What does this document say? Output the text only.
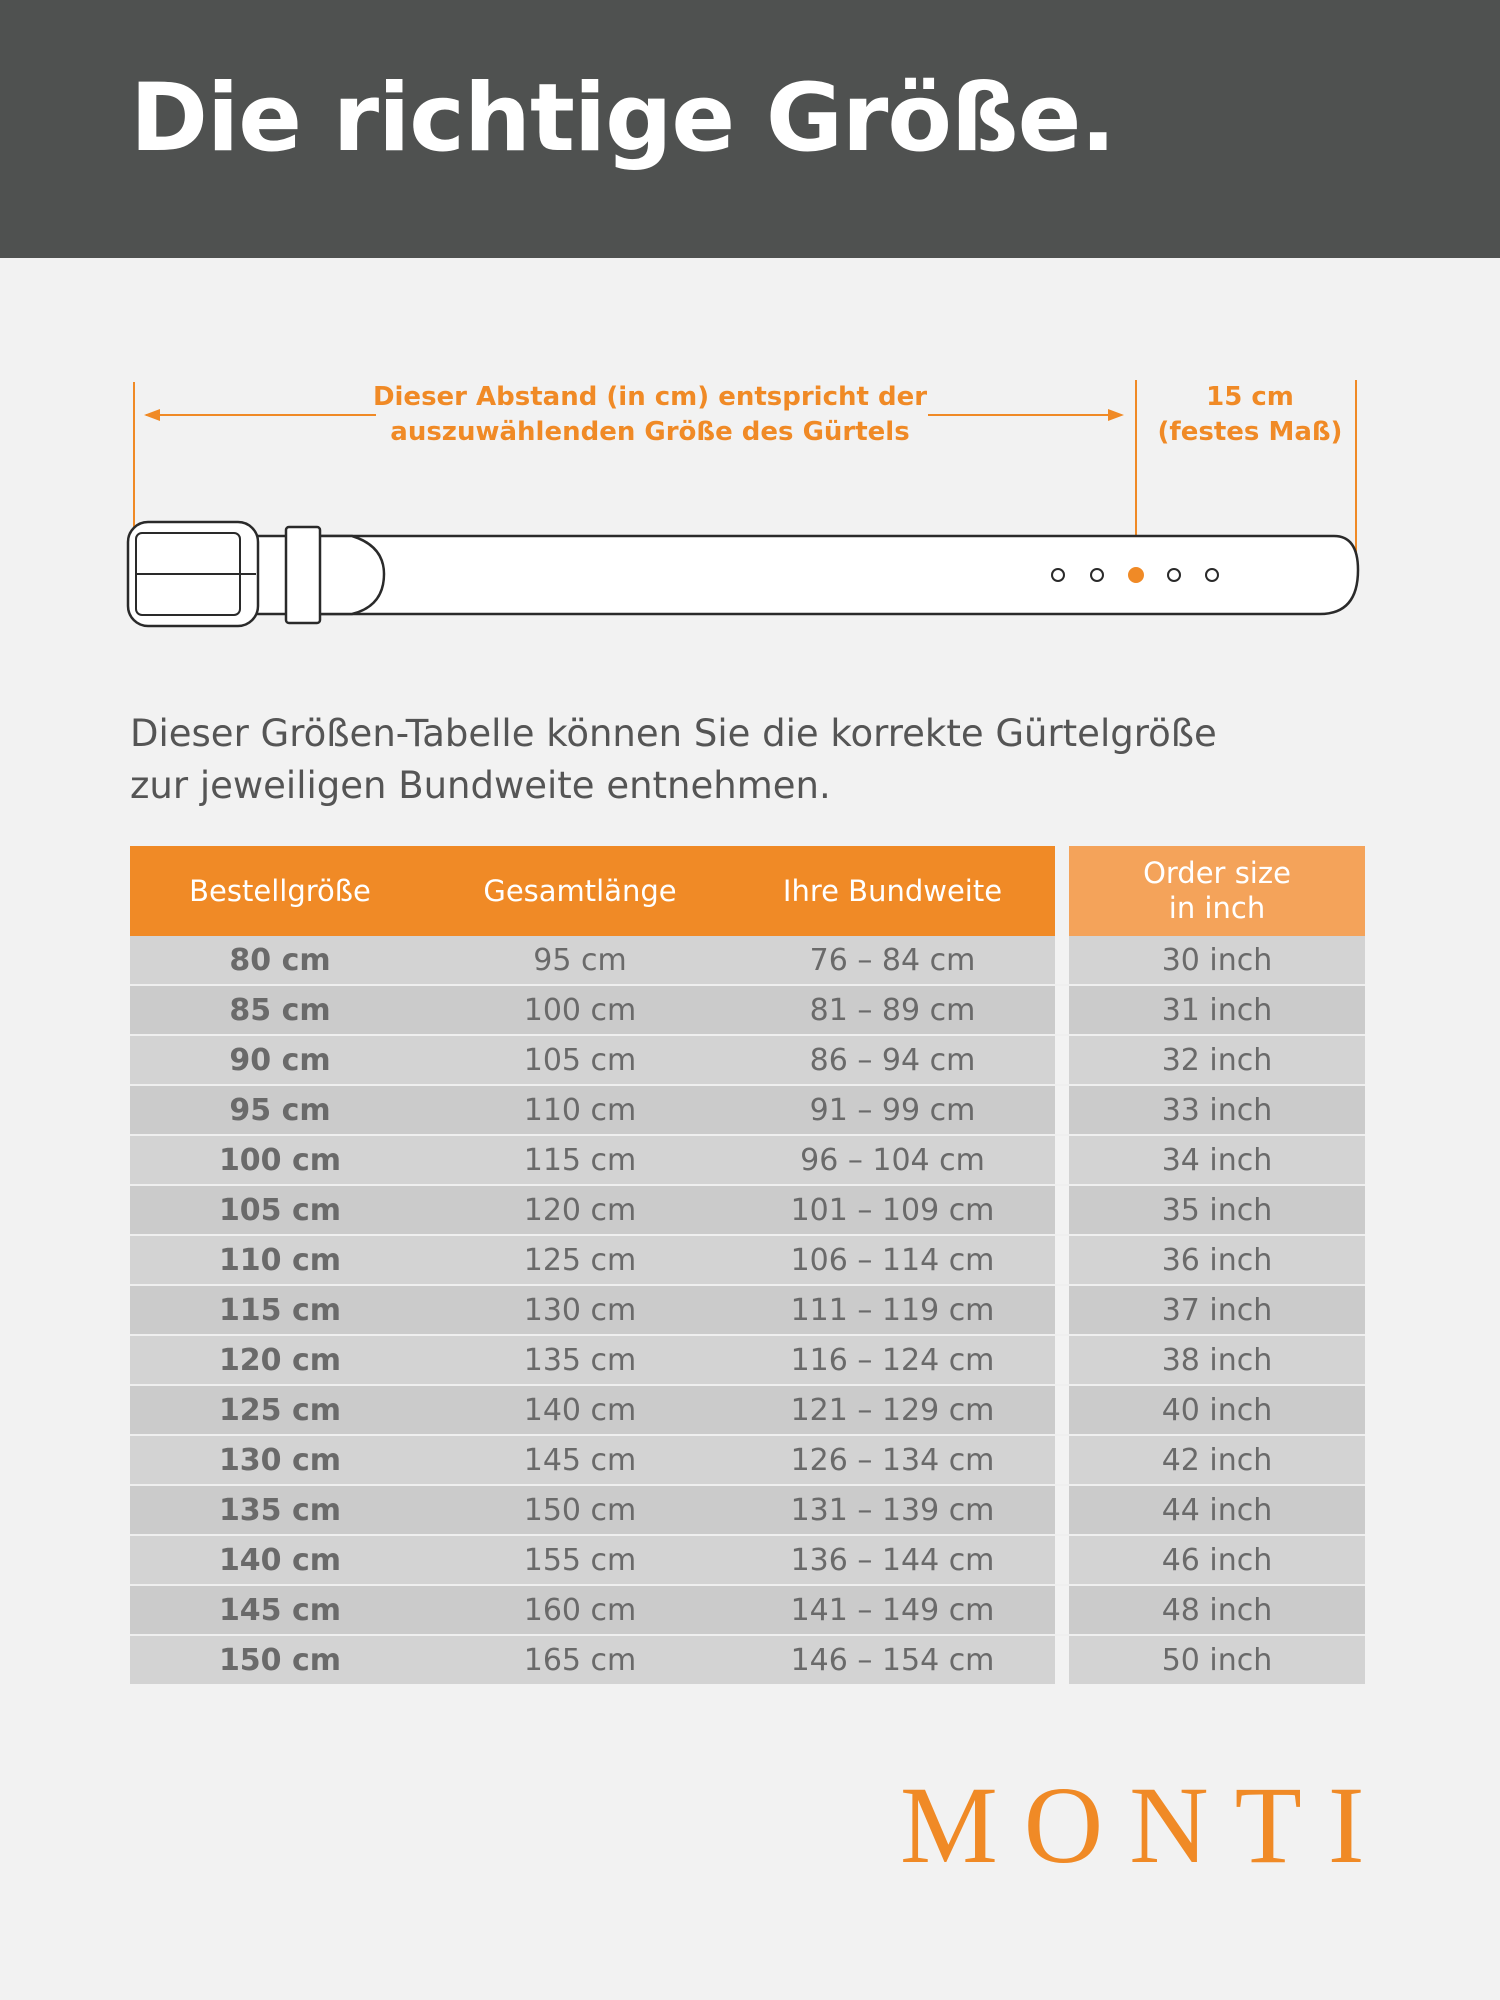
Die richtige Größe.
Dieser Abstand (in cm) entspricht der
auszuwählenden Größe des Gürtels
15 cm
(festes Maß)
Dieser Größen-Tabelle können Sie die korrekte Gürtelgröße
zur jeweiligen Bundweite entnehmen.
Bestellgröße	Gesamtlänge	Ihre Bundweite		Order size
in inch

80 cm	95 cm	76 – 84 cm		30 inch
85 cm	100 cm	81 – 89 cm		31 inch
90 cm	105 cm	86 – 94 cm		32 inch
95 cm	110 cm	91 – 99 cm		33 inch
100 cm	115 cm	96 – 104 cm		34 inch
105 cm	120 cm	101 – 109 cm		35 inch
110 cm	125 cm	106 – 114 cm		36 inch
115 cm	130 cm	111 – 119 cm		37 inch
120 cm	135 cm	116 – 124 cm		38 inch
125 cm	140 cm	121 – 129 cm		40 inch
130 cm	145 cm	126 – 134 cm		42 inch
135 cm	150 cm	131 – 139 cm		44 inch
140 cm	155 cm	136 – 144 cm		46 inch
145 cm	160 cm	141 – 149 cm		48 inch
150 cm	165 cm	146 – 154 cm		50 inch
MONTI
